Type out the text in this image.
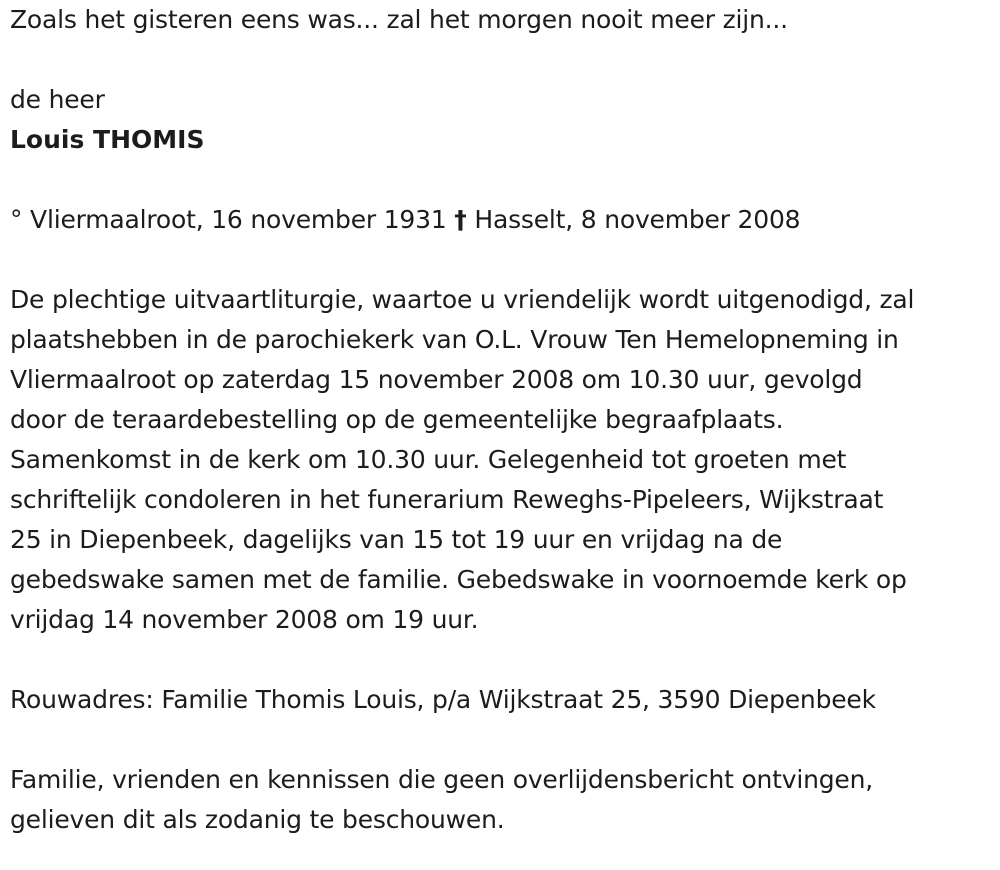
Zoals het gisteren eens was... zal het morgen nooit meer zijn...
de heer
Louis THOMIS
° Vliermaalroot, 16 november 1931 † Hasselt, 8 november 2008
De plechtige uitvaartliturgie, waartoe u vriendelijk wordt uitgenodigd, zal
plaatshebben in de parochiekerk van O.L. Vrouw Ten Hemelopneming in
Vliermaalroot op zaterdag 15 november 2008 om 10.30 uur, gevolgd
door de teraardebestelling op de gemeentelijke begraafplaats.
Samenkomst in de kerk om 10.30 uur. Gelegenheid tot groeten met
schriftelijk condoleren in het funerarium Reweghs-Pipeleers, Wijkstraat
25 in Diepenbeek, dagelijks van 15 tot 19 uur en vrijdag na de
gebedswake samen met de familie. Gebedswake in voornoemde kerk op
vrijdag 14 november 2008 om 19 uur.
Rouwadres: Familie Thomis Louis, p/a Wijkstraat 25, 3590 Diepenbeek
Familie, vrienden en kennissen die geen overlijdensbericht ontvingen,
gelieven dit als zodanig te beschouwen.
